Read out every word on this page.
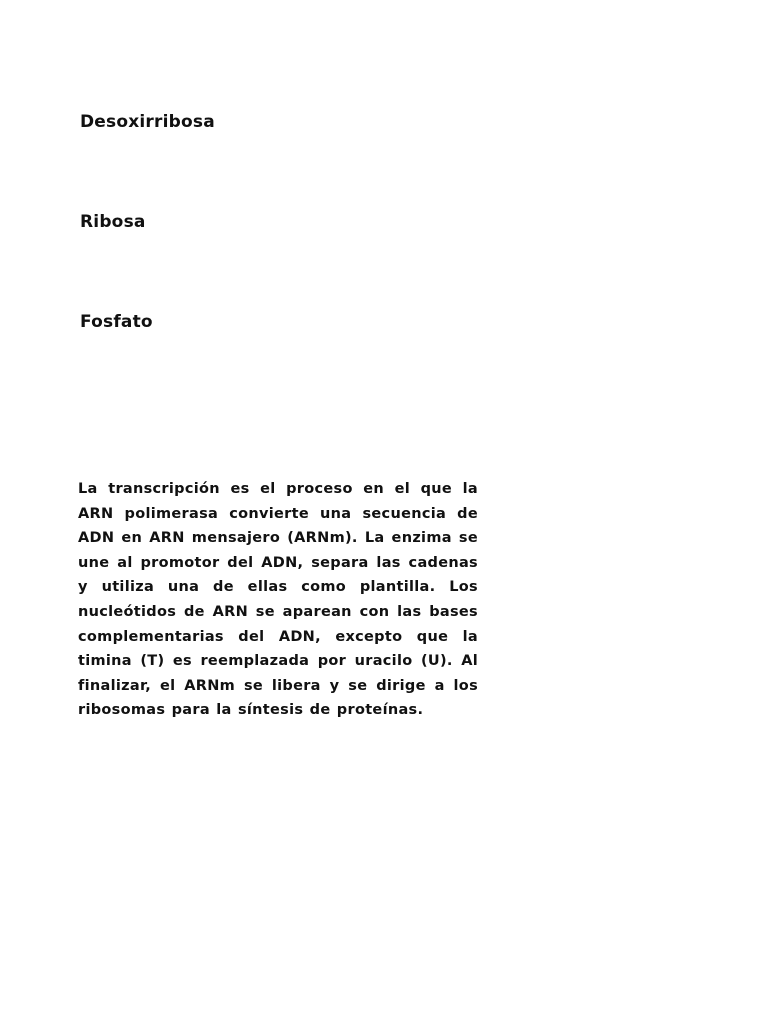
Desoxirribosa

Ribosa

Fosfato

La transcripción es el proceso en el que la ARN polimerasa convierte una secuencia de ADN en ARN mensajero (ARNm). La enzima se une al promotor del ADN, separa las cadenas y utiliza una de ellas como plantilla. Los nucleótidos de ARN se aparean con las bases complementarias del ADN, excepto que la timina (T) es reemplazada por uracilo (U). Al finalizar, el ARNm se libera y se dirige a los ribosomas para la síntesis de proteínas.
